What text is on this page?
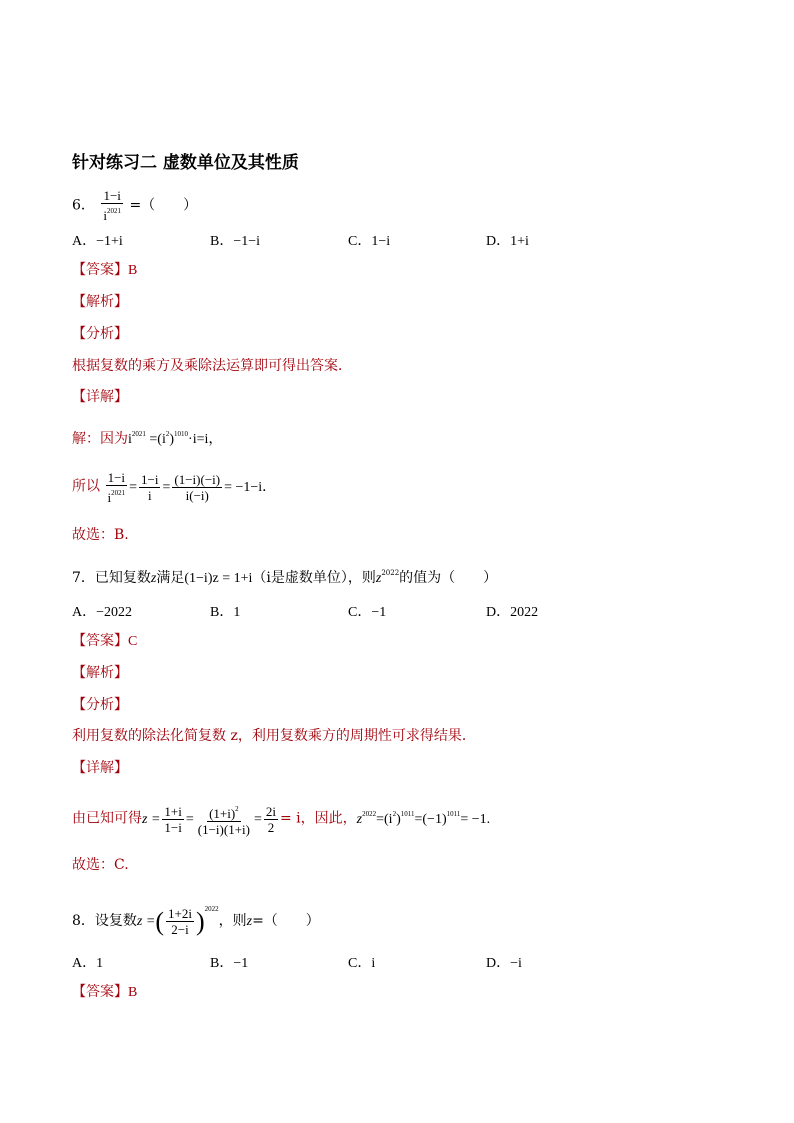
针对练习二 虚数单位及其性质
6． $\frac{1-i}{i^{2021}}$ =（　　）
A．−1+i	B．−1−i	C．1−i	D．1+i
【答案】B
【解析】
【分析】
根据复数的乘方及乘除法运算即可得出答案．
【详解】
解：因为$i^{2021} =(i^2)^{1010}\cdot i=i$，
所以 $\frac{1-i}{i^{2021}} = \frac{1-i}{i} = \frac{(1-i)(-i)}{i(-i)} = -1-i$．
故选：B.
7．已知复数z满足(1−i)z = 1+i（i是虚数单位），则$z^{2022}$的值为（　　）
A．−2022	B．1	C．−1	D．2022
【答案】C
【解析】
【分析】
利用复数的除法化简复数 z，利用复数乘方的周期性可求得结果．
【详解】
由已知可得$z = \frac{1+i}{1-i} = \frac{(1+i)^2}{(1-i)(1+i)} = \frac{2i}{2} = i$，因此，$z^{2022}=(i^2)^{1011}=(-1)^{1011}= -1$.
故选：C.
8．设复数z =( $\frac{1+2i}{2-i} )^{2022}$，则z=（　　）
A．1	B．−1	C．i	D．−i
【答案】B
